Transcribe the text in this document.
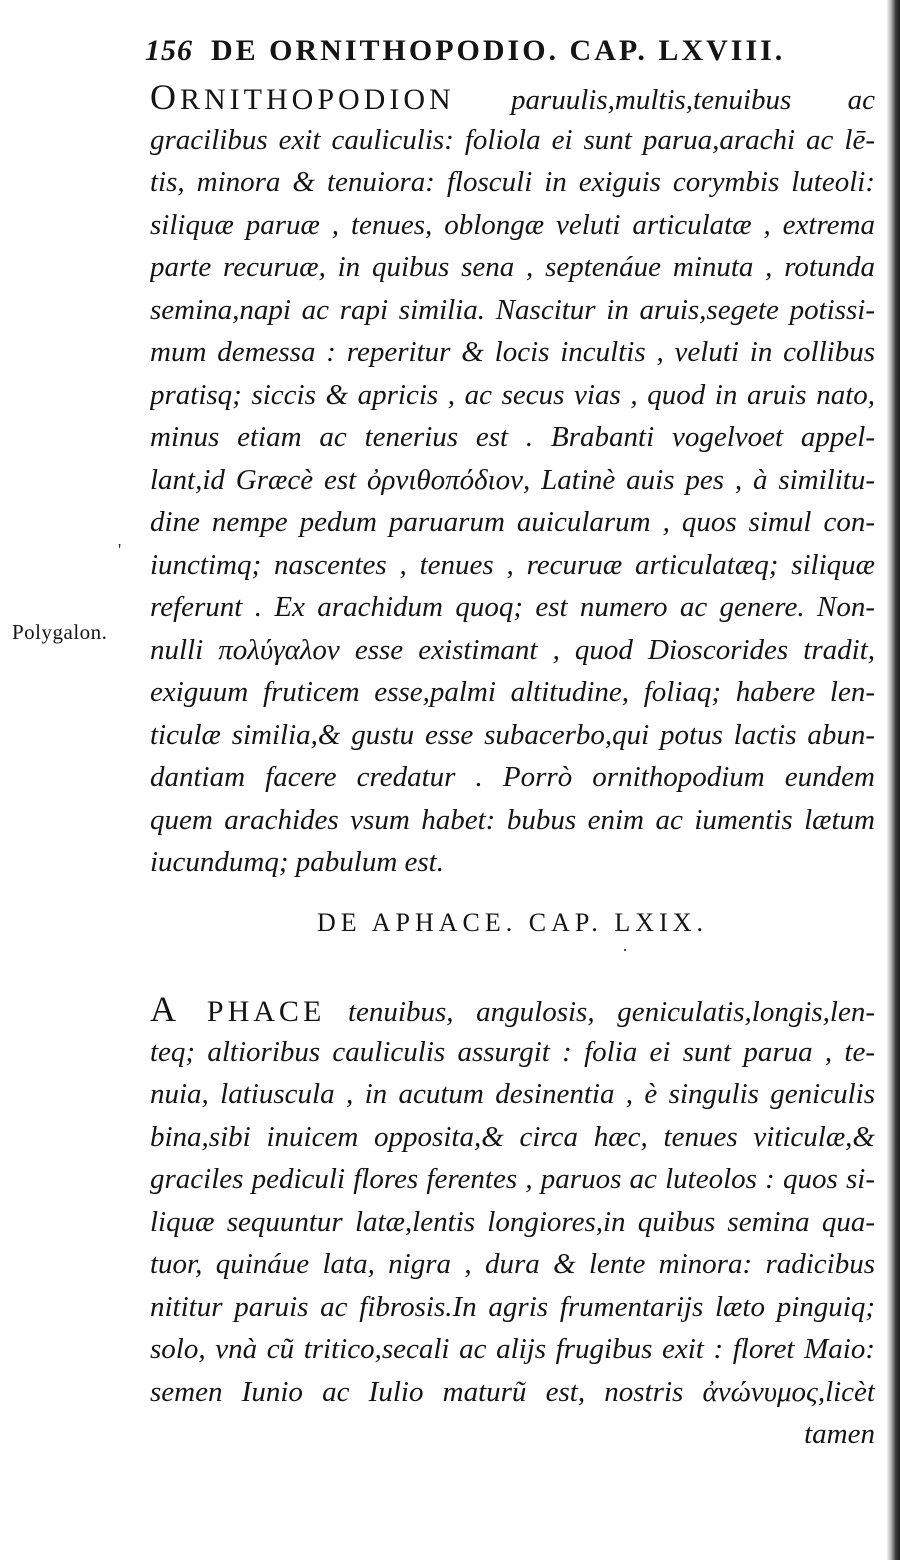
156 DE ORNITHOPODIO. CAP. LXVIII.
Polygalon.
'
ORNITHOPODION paruulis,multis,tenuibus ac
gracilibus exit cauliculis: foliola ei sunt parua,arachi ac lē-
tis, minora & tenuiora: flosculi in exiguis corymbis luteoli:
siliquæ paruæ , tenues, oblongæ veluti articulatæ , extrema
parte recuruæ, in quibus sena , septenáue minuta , rotunda
semina,napi ac rapi similia. Nascitur in aruis,segete potissi-
mum demessa : reperitur & locis incultis , veluti in collibus
pratisq; siccis & apricis , ac secus vias , quod in aruis nato,
minus etiam ac tenerius est . Brabanti vogelvoet appel-
lant,id Græcè est ὀρνιθοπόδιον, Latinè auis pes , à similitu-
dine nempe pedum paruarum auicularum , quos simul con-
iunctimq; nascentes , tenues , recuruæ articulatæq; siliquæ
referunt . Ex arachidum quoq; est numero ac genere. Non-
nulli πολύγαλον esse existimant , quod Dioscorides tradit,
exiguum fruticem esse,palmi altitudine, foliaq; habere len-
ticulæ similia,& gustu esse subacerbo,qui potus lactis abun-
dantiam facere credatur . Porrò ornithopodium eundem
quem arachides vsum habet: bubus enim ac iumentis lætum
iucundumq; pabulum est.
DE APHACE. CAP. LXIX.
·
A PHACE tenuibus, angulosis, geniculatis,longis,len-
teq; altioribus cauliculis assurgit : folia ei sunt parua , te-
nuia, latiuscula , in acutum desinentia , è singulis geniculis
bina,sibi inuicem opposita,& circa hæc, tenues viticulæ,&
graciles pediculi flores ferentes , paruos ac luteolos : quos si-
liquæ sequuntur latæ,lentis longiores,in quibus semina qua-
tuor, quináue lata, nigra , dura & lente minora: radicibus
nititur paruis ac fibrosis.In agris frumentariјs læto pinguiq;
solo, vnà cũ tritico,secali ac aliјs frugibus exit : floret Maio:
semen Iunio ac Iulio maturũ est, nostris ἀνώνυμος,licèt
tamen
